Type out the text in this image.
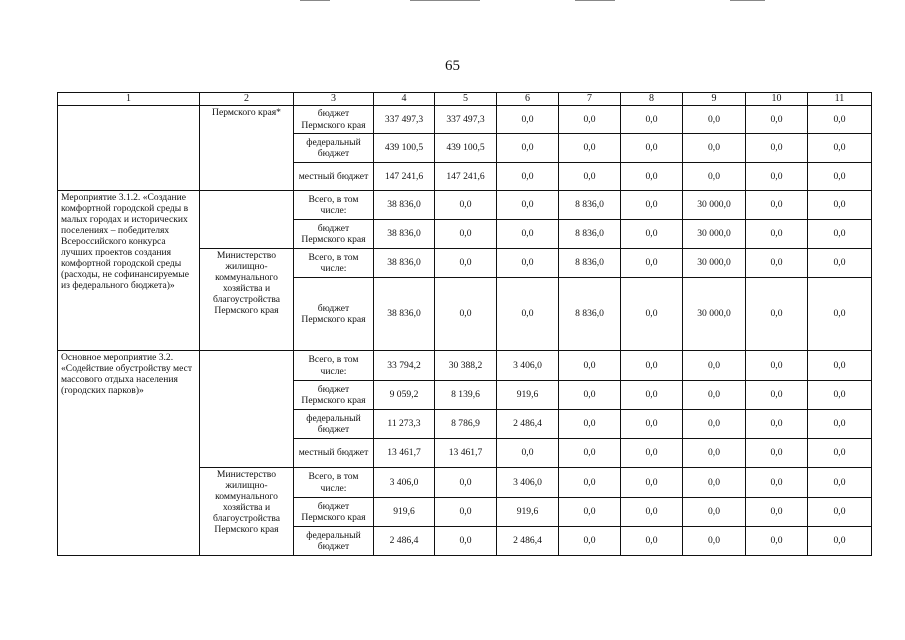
65
1	2	3	4	5	6	7	8	9	10	11
	Пермского края*	бюджет Пермского края	337 497,3	337 497,3	0,0	0,0	0,0	0,0	0,0	0,0
		федеральный бюджет	439 100,5	439 100,5	0,0	0,0	0,0	0,0	0,0	0,0
		местный бюджет	147 241,6	147 241,6	0,0	0,0	0,0	0,0	0,0	0,0
Мероприятие 3.1.2. «Создание комфортной городской среды в малых городах и исторических поселениях – победителях Всероссийского конкурса лучших проектов создания комфортной городской среды (расходы, не софинансируемые из федерального бюджета)»		Всего, в том числе:	38 836,0	0,0	0,0	8 836,0	0,0	30 000,0	0,0	0,0
		бюджет Пермского края	38 836,0	0,0	0,0	8 836,0	0,0	30 000,0	0,0	0,0
	Министерство жилищно-коммунального хозяйства и благоустройства Пермского края	Всего, в том числе:	38 836,0	0,0	0,0	8 836,0	0,0	30 000,0	0,0	0,0
		бюджет Пермского края	38 836,0	0,0	0,0	8 836,0	0,0	30 000,0	0,0	0,0
Основное мероприятие 3.2. «Содействие обустройству мест массового отдыха населения (городских парков)»		Всего, в том числе:	33 794,2	30 388,2	3 406,0	0,0	0,0	0,0	0,0	0,0
		бюджет Пермского края	9 059,2	8 139,6	919,6	0,0	0,0	0,0	0,0	0,0
		федеральный бюджет	11 273,3	8 786,9	2 486,4	0,0	0,0	0,0	0,0	0,0
		местный бюджет	13 461,7	13 461,7	0,0	0,0	0,0	0,0	0,0	0,0
	Министерство жилищно-коммунального хозяйства и благоустройства Пермского края	Всего, в том числе:	3 406,0	0,0	3 406,0	0,0	0,0	0,0	0,0	0,0
		бюджет Пермского края	919,6	0,0	919,6	0,0	0,0	0,0	0,0	0,0
		федеральный бюджет	2 486,4	0,0	2 486,4	0,0	0,0	0,0	0,0	0,0
